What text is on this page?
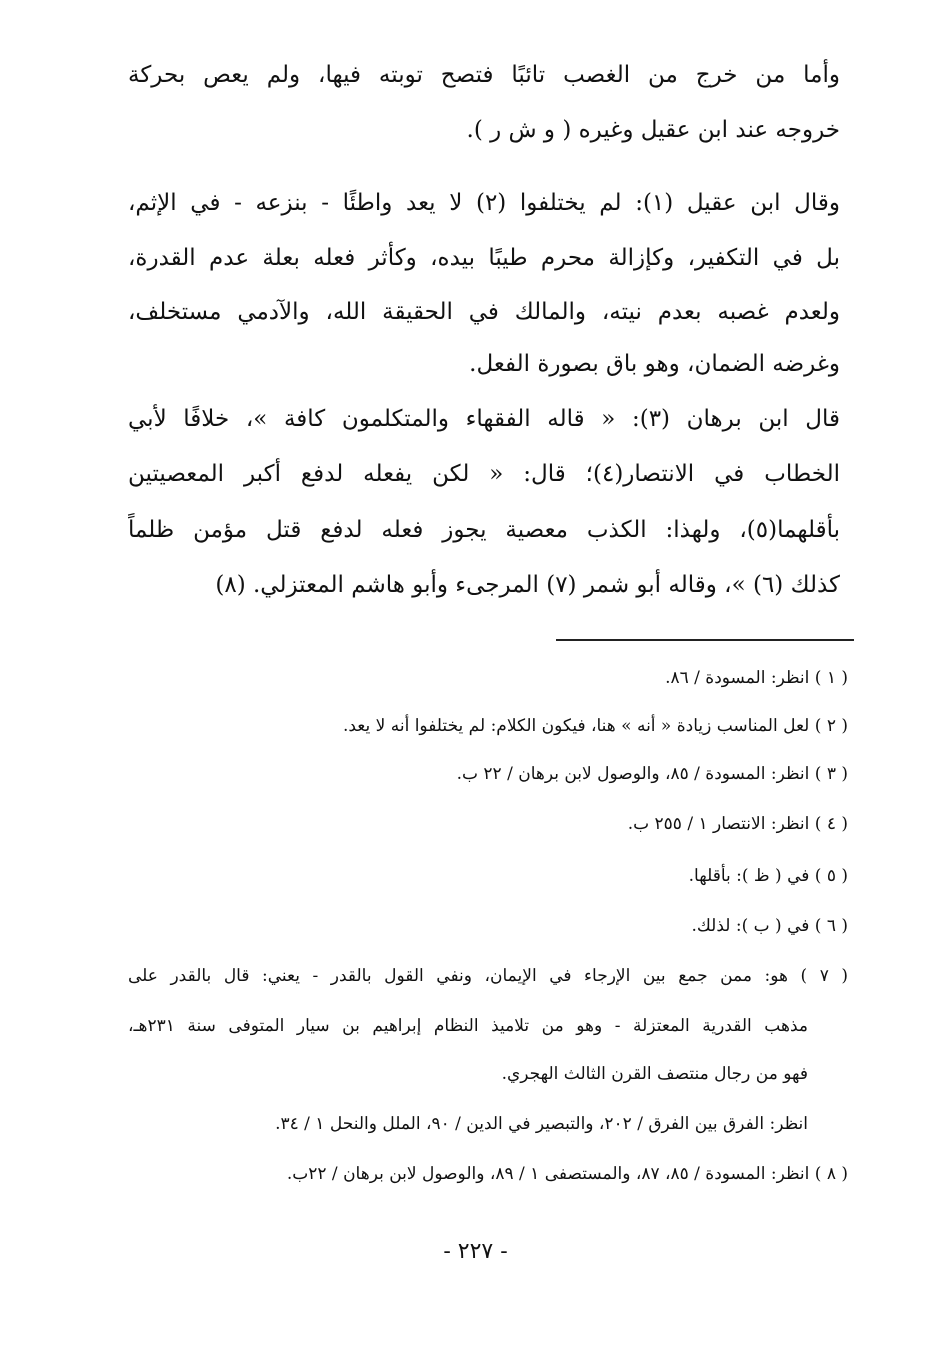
وأما من خرج من الغصب تائبًا فتصح توبته فيها، ولم يعص بحركة
خروجه عند ابن عقيل وغيره ( و ش ر ).
وقال ابن عقيل (١): لم يختلفوا (٢) لا يعد واطئًا - بنزعه - في الإثم،
بل في التكفير، وكإزالة محرم طيبًا بيده، وكأثر فعله بعلة عدم القدرة،
ولعدم غصبه بعدم نيته، والمالك في الحقيقة الله، والآدمي مستخلف،
وغرضه الضمان، وهو باق بصورة الفعل.
قال ابن برهان (٣): « قاله الفقهاء والمتكلمون كافة »، خلافًا لأبي
الخطاب في الانتصار(٤)؛ قال: « لكن يفعله لدفع أكبر المعصيتين
بأقلهما(٥)، ولهذا: الكذب معصية يجوز فعله لدفع قتل مؤمن ظلماً
كذلك (٦) »، وقاله أبو شمر (٧) المرجىء وأبو هاشم المعتزلي. (٨)
( ١ ) انظر: المسودة / ٨٦.
( ٢ ) لعل المناسب زيادة « أنه » هنا، فيكون الكلام: لم يختلفوا أنه لا يعد.
( ٣ ) انظر: المسودة / ٨٥، والوصول لابن برهان / ٢٢ ب.
( ٤ ) انظر: الانتصار ١ / ٢٥٥ ب.
( ٥ ) في ( ظ ): بأقلها.
( ٦ ) في ( ب ): لذلك.
( ٧ ) هو: ممن جمع بين الإرجاء في الإيمان، ونفي القول بالقدر - يعني: قال بالقدر على
مذهب القدرية المعتزلة - وهو من تلاميذ النظام إبراهيم بن سيار المتوفى سنة ٢٣١هـ،
فهو من رجال منتصف القرن الثالث الهجري.
انظر: الفرق بين الفرق / ٢٠٢، والتبصير في الدين / ٩٠، الملل والنحل ١ / ٣٤.
( ٨ ) انظر: المسودة / ٨٥، ٨٧، والمستصفى ١ / ٨٩، والوصول لابن برهان / ٢٢ب.
- ٢٢٧ -
